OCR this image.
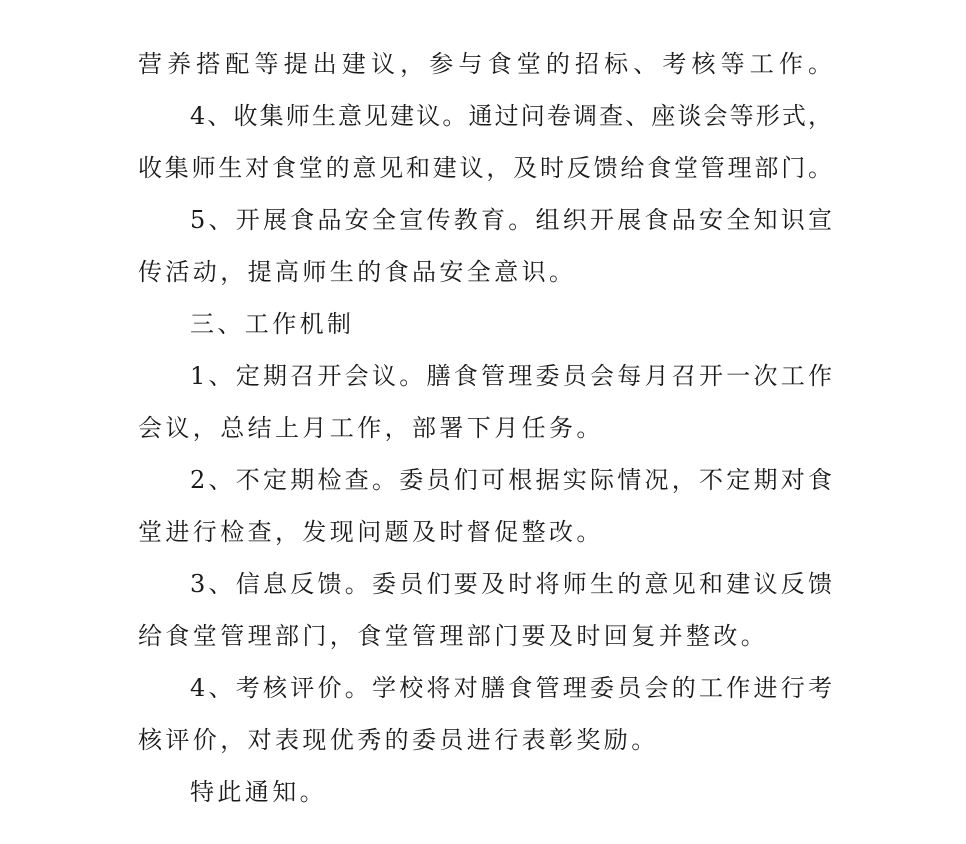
营养搭配等提出建议，参与食堂的招标、考核等工作。
4、收集师生意见建议。通过问卷调查、座谈会等形式，
收集师生对食堂的意见和建议，及时反馈给食堂管理部门。
5、开展食品安全宣传教育。组织开展食品安全知识宣
传活动，提高师生的食品安全意识。
三、工作机制
1、定期召开会议。膳食管理委员会每月召开一次工作
会议，总结上月工作，部署下月任务。
2、不定期检查。委员们可根据实际情况，不定期对食
堂进行检查，发现问题及时督促整改。
3、信息反馈。委员们要及时将师生的意见和建议反馈
给食堂管理部门，食堂管理部门要及时回复并整改。
4、考核评价。学校将对膳食管理委员会的工作进行考
核评价，对表现优秀的委员进行表彰奖励。
特此通知。
